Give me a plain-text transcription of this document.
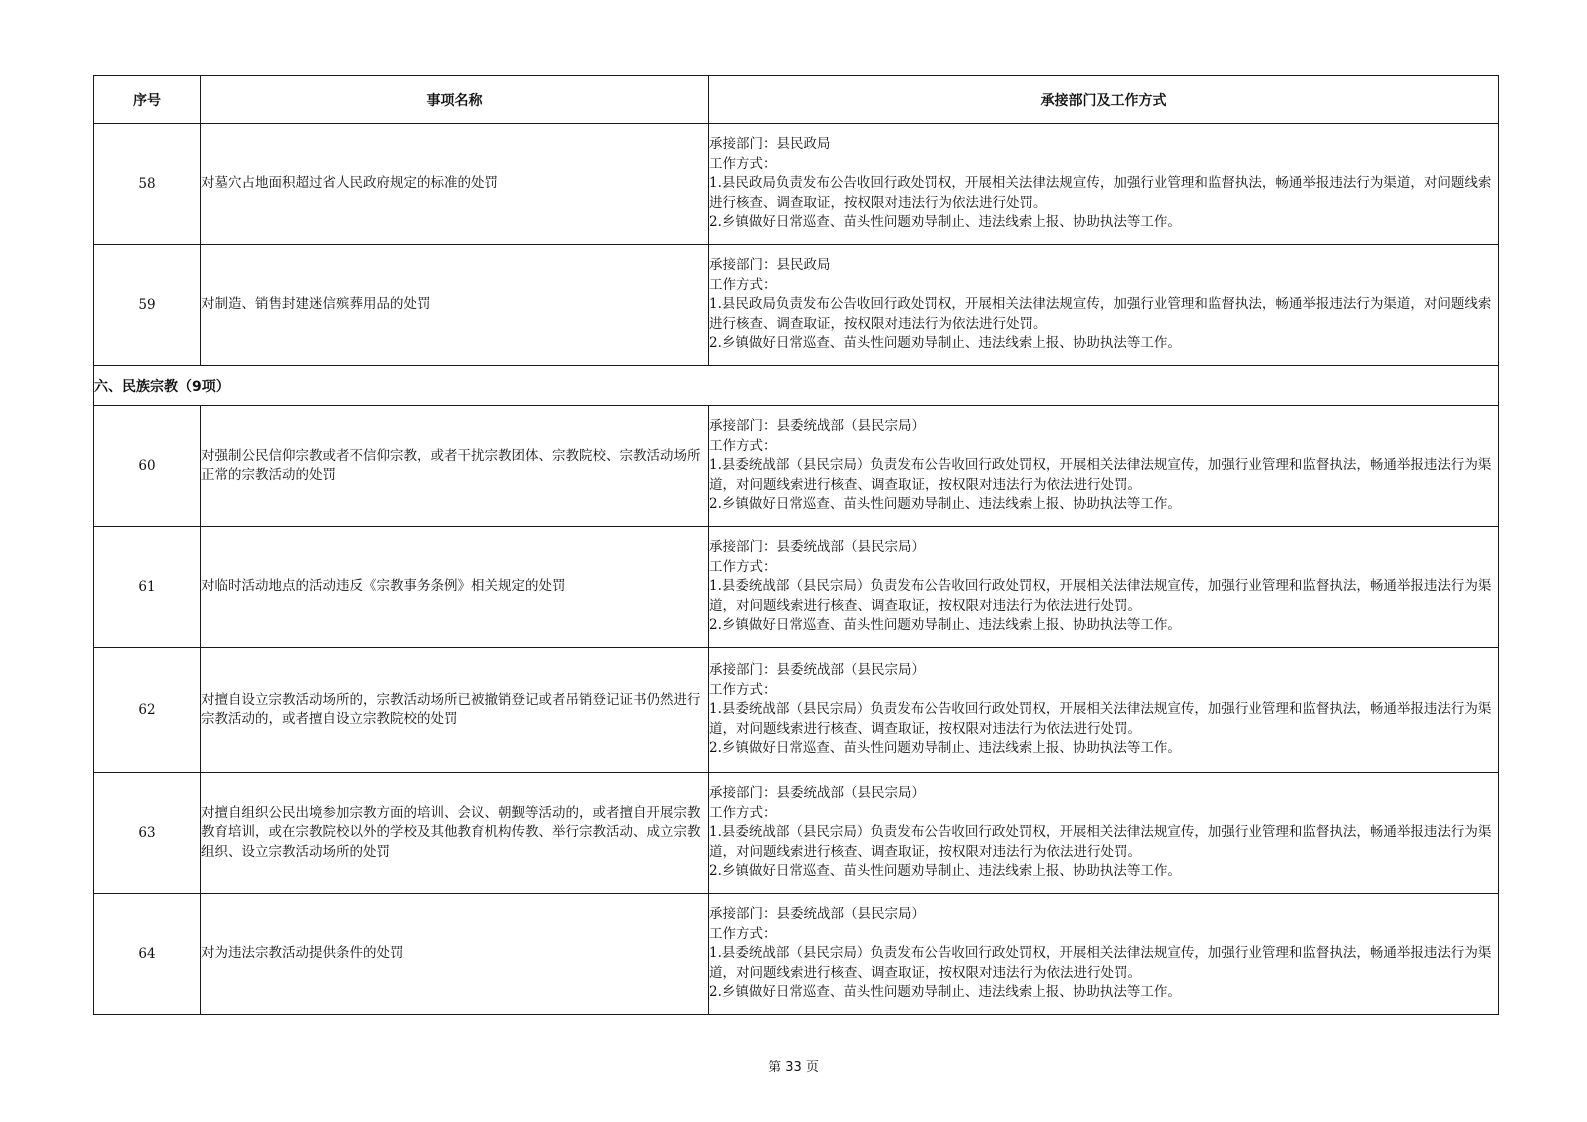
序号	事项名称	承接部门及工作方式
58	对墓穴占地面积超过省人民政府规定的标准的处罚	承接部门：县民政局
工作方式：
1.县民政局负责发布公告收回行政处罚权，开展相关法律法规宣传，加强行业管理和监督执法，畅通举报违法行为渠道，对问题线索进行核查、调查取证，按权限对违法行为依法进行处罚。
2.乡镇做好日常巡查、苗头性问题劝导制止、违法线索上报、协助执法等工作。

59	对制造、销售封建迷信殡葬用品的处罚	承接部门：县民政局
工作方式：
1.县民政局负责发布公告收回行政处罚权，开展相关法律法规宣传，加强行业管理和监督执法，畅通举报违法行为渠道，对问题线索进行核查、调查取证，按权限对违法行为依法进行处罚。
2.乡镇做好日常巡查、苗头性问题劝导制止、违法线索上报、协助执法等工作。

六、民族宗教（9项）		
60	对强制公民信仰宗教或者不信仰宗教，或者干扰宗教团体、宗教院校、宗教活动场所正常的宗教活动的处罚	承接部门：县委统战部（县民宗局）
工作方式：
1.县委统战部（县民宗局）负责发布公告收回行政处罚权，开展相关法律法规宣传，加强行业管理和监督执法，畅通举报违法行为渠道，对问题线索进行核查、调查取证，按权限对违法行为依法进行处罚。
2.乡镇做好日常巡查、苗头性问题劝导制止、违法线索上报、协助执法等工作。

61	对临时活动地点的活动违反《宗教事务条例》相关规定的处罚	承接部门：县委统战部（县民宗局）
工作方式：
1.县委统战部（县民宗局）负责发布公告收回行政处罚权，开展相关法律法规宣传，加强行业管理和监督执法，畅通举报违法行为渠道，对问题线索进行核查、调查取证，按权限对违法行为依法进行处罚。
2.乡镇做好日常巡查、苗头性问题劝导制止、违法线索上报、协助执法等工作。

62	对擅自设立宗教活动场所的，宗教活动场所已被撤销登记或者吊销登记证书仍然进行宗教活动的，或者擅自设立宗教院校的处罚	承接部门：县委统战部（县民宗局）
工作方式：
1.县委统战部（县民宗局）负责发布公告收回行政处罚权，开展相关法律法规宣传，加强行业管理和监督执法，畅通举报违法行为渠道，对问题线索进行核查、调查取证，按权限对违法行为依法进行处罚。
2.乡镇做好日常巡查、苗头性问题劝导制止、违法线索上报、协助执法等工作。

63	对擅自组织公民出境参加宗教方面的培训、会议、朝觐等活动的，或者擅自开展宗教教育培训，或在宗教院校以外的学校及其他教育机构传教、举行宗教活动、成立宗教组织、设立宗教活动场所的处罚	承接部门：县委统战部（县民宗局）
工作方式：
1.县委统战部（县民宗局）负责发布公告收回行政处罚权，开展相关法律法规宣传，加强行业管理和监督执法，畅通举报违法行为渠道，对问题线索进行核查、调查取证，按权限对违法行为依法进行处罚。
2.乡镇做好日常巡查、苗头性问题劝导制止、违法线索上报、协助执法等工作。

64	对为违法宗教活动提供条件的处罚	承接部门：县委统战部（县民宗局）
工作方式：
1.县委统战部（县民宗局）负责发布公告收回行政处罚权，开展相关法律法规宣传，加强行业管理和监督执法，畅通举报违法行为渠道，对问题线索进行核查、调查取证，按权限对违法行为依法进行处罚。
2.乡镇做好日常巡查、苗头性问题劝导制止、违法线索上报、协助执法等工作。
第 33 页
